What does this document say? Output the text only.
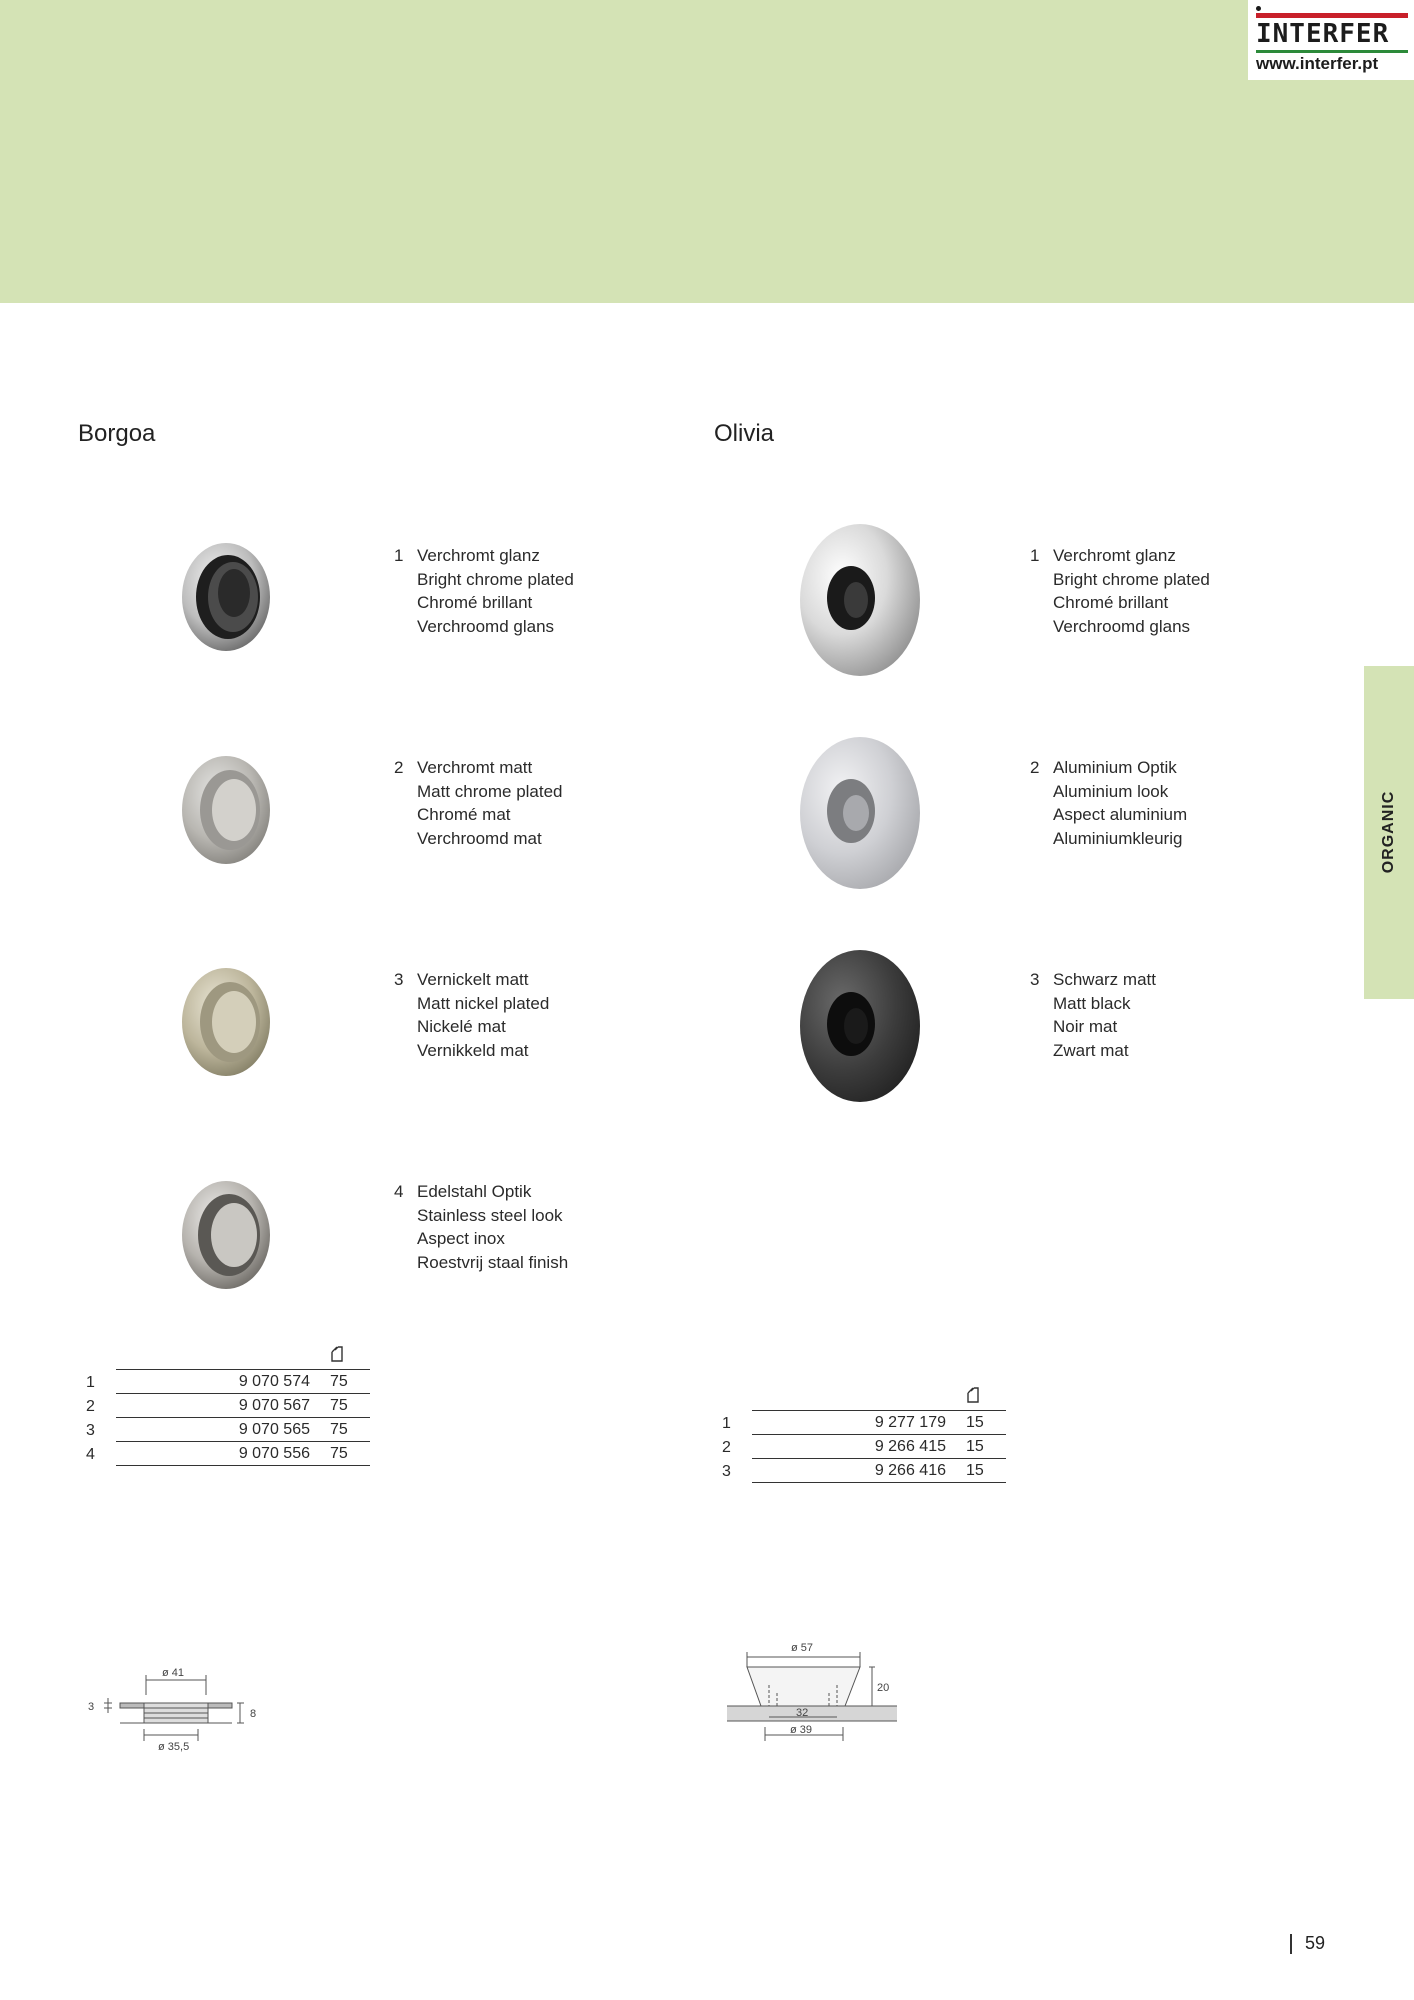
INTERFER
www.interfer.pt
ORGANIC
Borgoa	Olivia
1 Verchromt glanz
Bright chrome plated
Chromé brillant
Verchroomd glans
2 Verchromt matt
Matt chrome plated
Chromé mat
Verchroomd mat
3 Vernickelt matt
Matt nickel plated
Nickelé mat
Vernikkeld mat
4 Edelstahl Optik
Stainless steel look
Aspect inox
Roestvrij staal finish
1 Verchromt glanz
Bright chrome plated
Chromé brillant
Verchroomd glans
2 Aluminium Optik
Aluminium look
Aspect aluminium
Aluminiumkleurig
3 Schwarz matt
Matt black
Noir mat
Zwart mat

1	9 070 574	75
2	9 070 567	75
3	9 070 565	75
4	9 070 556	75

1	9 277 179	15
2	9 266 415	15
3	9 266 416	15
ø 41
ø 35,5
8
3
ø 57
20
32
ø 39
59
